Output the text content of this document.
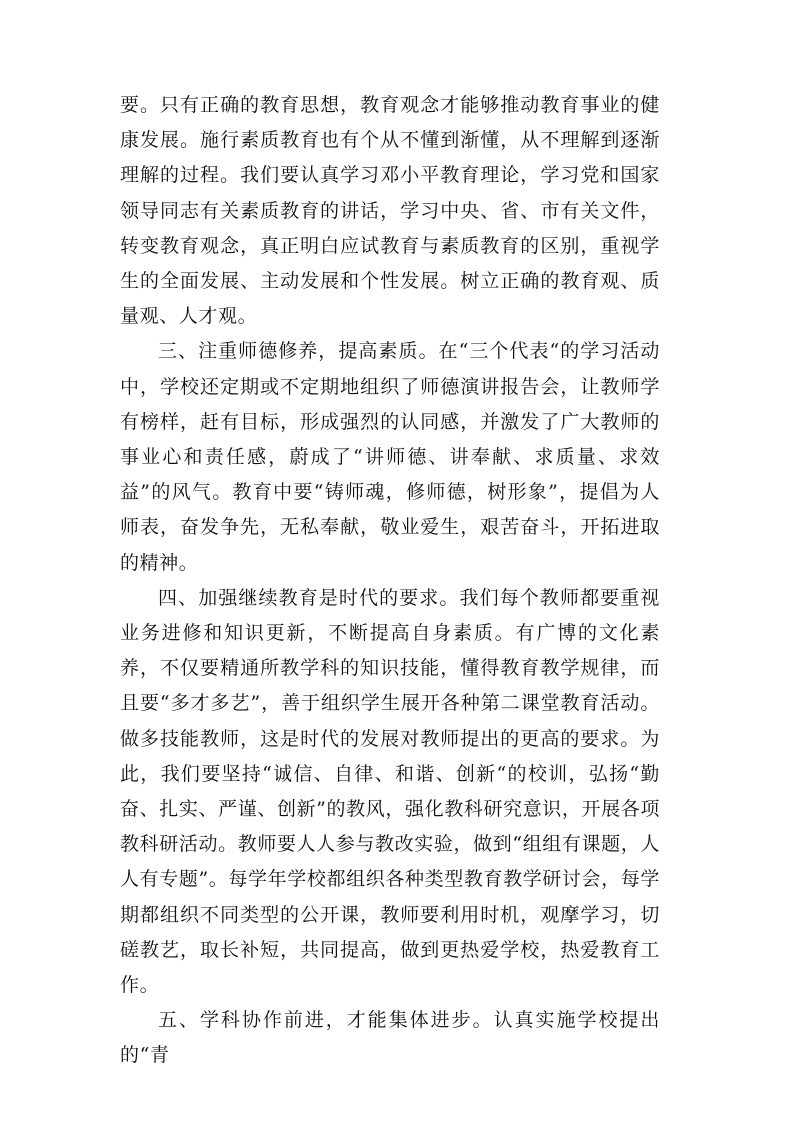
要。只有正确的教育思想，教育观念才能够推动教育事业的健康发展。施行素质教育也有个从不懂到渐懂，从不理解到逐渐理解的过程。我们要认真学习邓小平教育理论，学习党和国家领导同志有关素质教育的讲话，学习中央、省、市有关文件，转变教育观念，真正明白应试教育与素质教育的区别，重视学生的全面发展、主动发展和个性发展。树立正确的教育观、质量观、人才观。

三、注重师德修养，提高素质。在“三个代表“的学习活动中，学校还定期或不定期地组织了师德演讲报告会，让教师学有榜样，赶有目标，形成强烈的认同感，并激发了广大教师的事业心和责任感，蔚成了“讲师德、讲奉献、求质量、求效益”的风气。教育中要“铸师魂，修师德，树形象”，提倡为人师表，奋发争先，无私奉献，敬业爱生，艰苦奋斗，开拓进取的精神。

四、加强继续教育是时代的要求。我们每个教师都要重视业务进修和知识更新，不断提高自身素质。有广博的文化素养，不仅要精通所教学科的知识技能，懂得教育教学规律，而且要“多才多艺”，善于组织学生展开各种第二课堂教育活动。做多技能教师，这是时代的发展对教师提出的更高的要求。为此，我们要坚持“诚信、自律、和谐、创新“的校训，弘扬“勤奋、扎实、严谨、创新”的教风，强化教科研究意识，开展各项教科研活动。教师要人人参与教改实验，做到“组组有课题，人人有专题”。每学年学校都组织各种类型教育教学研讨会，每学期都组织不同类型的公开课，教师要利用时机，观摩学习，切磋教艺，取长补短，共同提高，做到更热爱学校，热爱教育工作。

五、学科协作前进，才能集体进步。认真实施学校提出的“青
